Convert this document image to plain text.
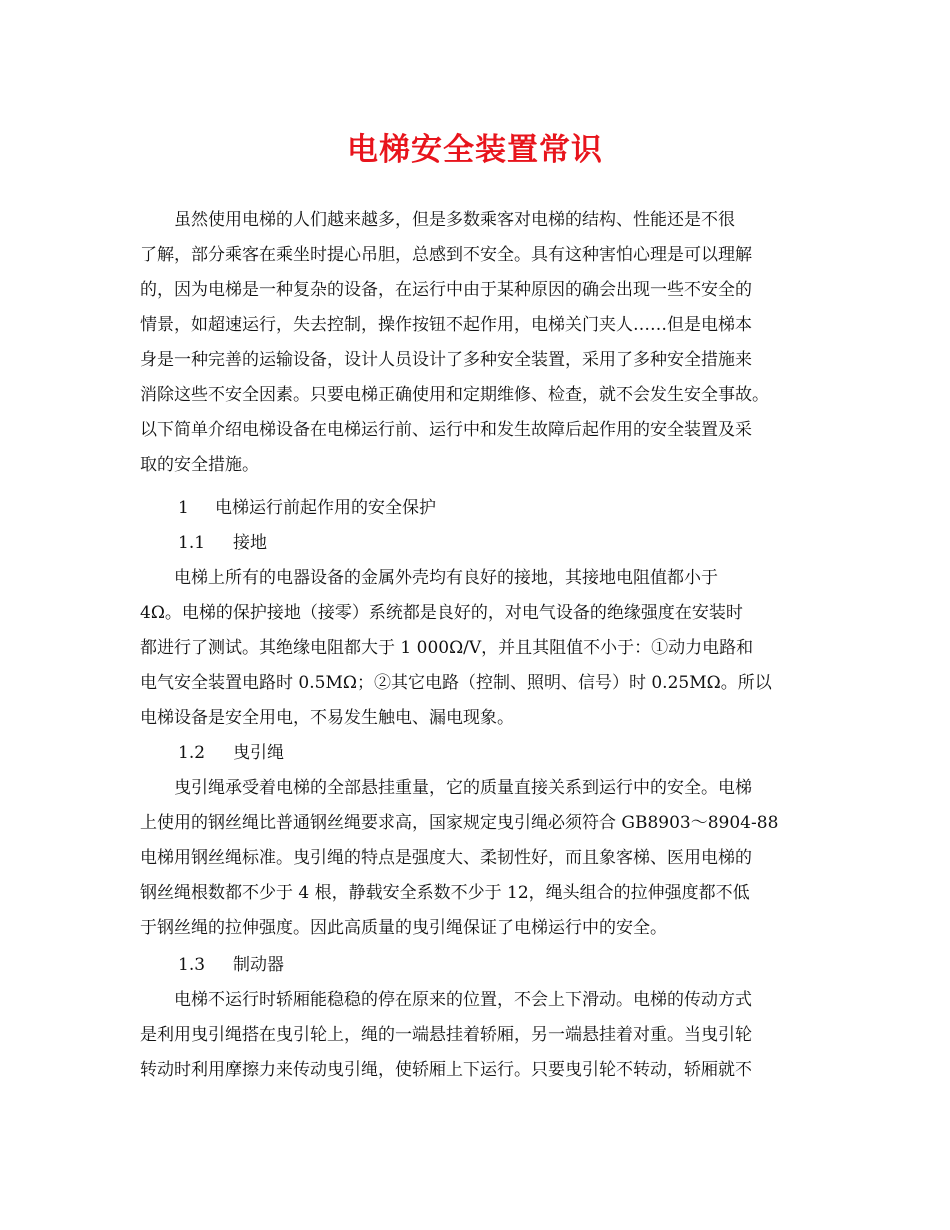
电梯安全装置常识
　　虽然使用电梯的人们越来越多，但是多数乘客对电梯的结构、性能还是不很
了解，部分乘客在乘坐时提心吊胆，总感到不安全。具有这种害怕心理是可以理解
的，因为电梯是一种复杂的设备，在运行中由于某种原因的确会出现一些不安全的
情景，如超速运行，失去控制，操作按钮不起作用，电梯关门夹人……但是电梯本
身是一种完善的运输设备，设计人员设计了多种安全装置，采用了多种安全措施来
消除这些不安全因素。只要电梯正确使用和定期维修、检查，就不会发生安全事故。
以下简单介绍电梯设备在电梯运行前、运行中和发生故障后起作用的安全装置及采
取的安全措施。
1 电梯运行前起作用的安全保护
1.1 接地
　　电梯上所有的电器设备的金属外壳均有良好的接地，其接地电阻值都小于
4Ω。电梯的保护接地（接零）系统都是良好的，对电气设备的绝缘强度在安装时
都进行了测试。其绝缘电阻都大于 1 000Ω/V，并且其阻值不小于：①动力电路和
电气安全装置电路时 0.5MΩ；②其它电路（控制、照明、信号）时 0.25MΩ。所以
电梯设备是安全用电，不易发生触电、漏电现象。
1.2 曳引绳
　　曳引绳承受着电梯的全部悬挂重量，它的质量直接关系到运行中的安全。电梯
上使用的钢丝绳比普通钢丝绳要求高，国家规定曳引绳必须符合 GB8903～8904-88
电梯用钢丝绳标准。曳引绳的特点是强度大、柔韧性好，而且象客梯、医用电梯的
钢丝绳根数都不少于 4 根，静载安全系数不少于 12，绳头组合的拉伸强度都不低
于钢丝绳的拉伸强度。因此高质量的曳引绳保证了电梯运行中的安全。
1.3 制动器
　　电梯不运行时轿厢能稳稳的停在原来的位置，不会上下滑动。电梯的传动方式
是利用曳引绳搭在曳引轮上，绳的一端悬挂着轿厢，另一端悬挂着对重。当曳引轮
转动时利用摩擦力来传动曳引绳，使轿厢上下运行。只要曳引轮不转动，轿厢就不
